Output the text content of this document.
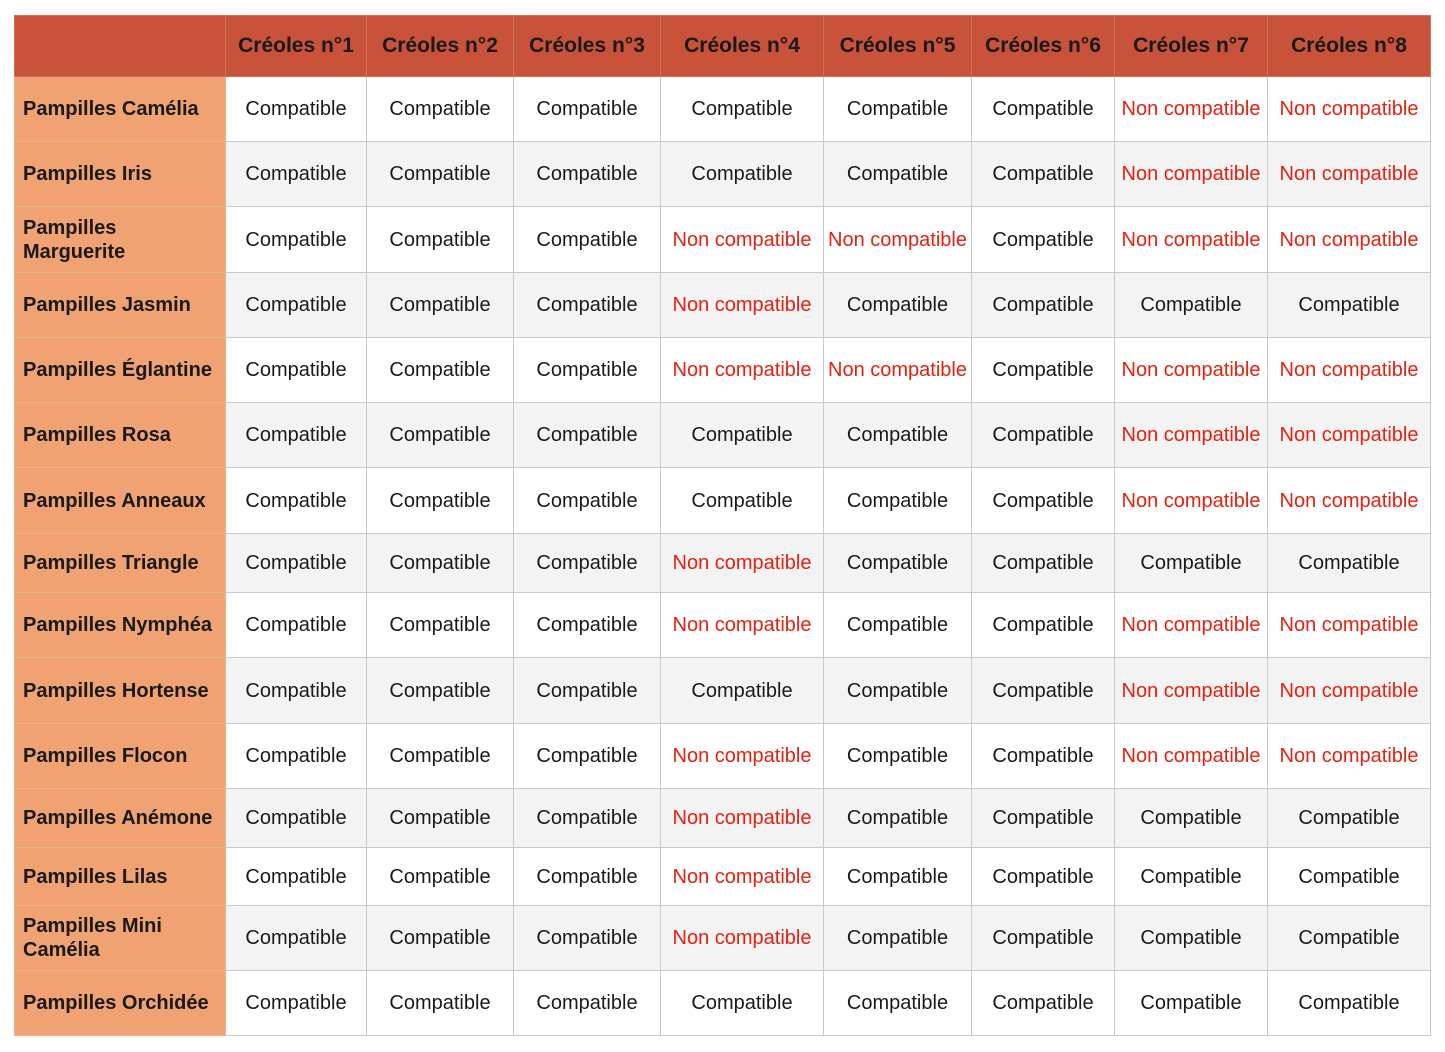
	Créoles n°1	Créoles n°2	Créoles n°3	Créoles n°4	Créoles n°5	Créoles n°6	Créoles n°7	Créoles n°8
Pampilles Camélia	Compatible	Compatible	Compatible	Compatible	Compatible	Compatible	Non compatible	Non compatible
Pampilles Iris	Compatible	Compatible	Compatible	Compatible	Compatible	Compatible	Non compatible	Non compatible
Pampilles Marguerite	Compatible	Compatible	Compatible	Non compatible	Non compatible	Compatible	Non compatible	Non compatible
Pampilles Jasmin	Compatible	Compatible	Compatible	Non compatible	Compatible	Compatible	Compatible	Compatible
Pampilles Églantine	Compatible	Compatible	Compatible	Non compatible	Non compatible	Compatible	Non compatible	Non compatible
Pampilles Rosa	Compatible	Compatible	Compatible	Compatible	Compatible	Compatible	Non compatible	Non compatible
Pampilles Anneaux	Compatible	Compatible	Compatible	Compatible	Compatible	Compatible	Non compatible	Non compatible
Pampilles Triangle	Compatible	Compatible	Compatible	Non compatible	Compatible	Compatible	Compatible	Compatible
Pampilles Nymphéa	Compatible	Compatible	Compatible	Non compatible	Compatible	Compatible	Non compatible	Non compatible
Pampilles Hortense	Compatible	Compatible	Compatible	Compatible	Compatible	Compatible	Non compatible	Non compatible
Pampilles Flocon	Compatible	Compatible	Compatible	Non compatible	Compatible	Compatible	Non compatible	Non compatible
Pampilles Anémone	Compatible	Compatible	Compatible	Non compatible	Compatible	Compatible	Compatible	Compatible
Pampilles Lilas	Compatible	Compatible	Compatible	Non compatible	Compatible	Compatible	Compatible	Compatible
Pampilles Mini Camélia	Compatible	Compatible	Compatible	Non compatible	Compatible	Compatible	Compatible	Compatible
Pampilles Orchidée	Compatible	Compatible	Compatible	Compatible	Compatible	Compatible	Compatible	Compatible
